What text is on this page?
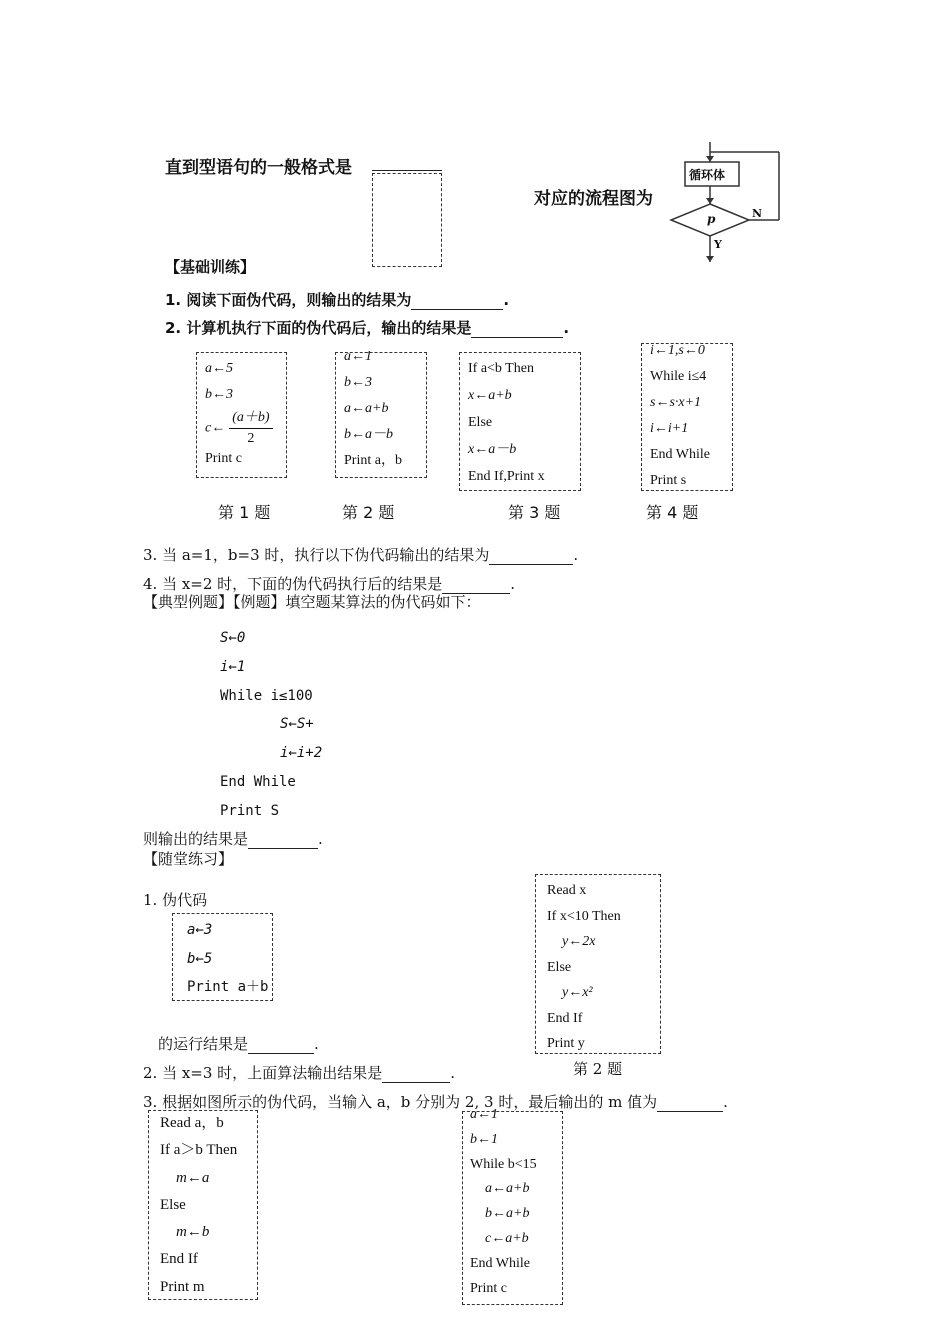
直到型语句的一般格式是
对应的流程图为
循环体
p	N
Y
【基础训练】
1. 阅读下面伪代码，则输出的结果为	.
2. 计算机执行下面的伪代码后，输出的结果是	.
a←5
b←3
c← $\frac{(a+b)}{2}$
Print c
第 1 题
a←1
b←3
a←a+b
b←a－b
Print a，b
第 2 题
If a<b Then
x←a+b
Else
x←a－b
End If,Print x
第 3 题
i←1,s←0
While i≤4
s←s·x+1
i←i+1
End While
Print s
第 4 题
3. 当 a=1，b=3 时，执行以下伪代码输出的结果为	.
4. 当 x=2 时，下面的伪代码执行后的结果是	.
【典型例题】【例题】填空题某算法的伪代码如下：
S←0
i←1
While i≤100
S←S+
i←i+2
End While
Print S
则输出的结果是	.
【随堂练习】
1. 伪代码
a←3
b←5
Print a＋b
Read x
If x<10 Then
y←2x
Else
y←x²
End If
Print y
第 2 题
的运行结果是	.
2. 当 x=3 时，上面算法输出结果是	.
3. 根据如图所示的伪代码，当输入 a，b 分别为 2, 3 时，最后输出的 m 值为	.
Read a，b
If a＞b Then
m←a
Else
m←b
End If
Print m
a←1
b←1
While b<15
a←a+b
b←a+b
c←a+b
End While
Print c
